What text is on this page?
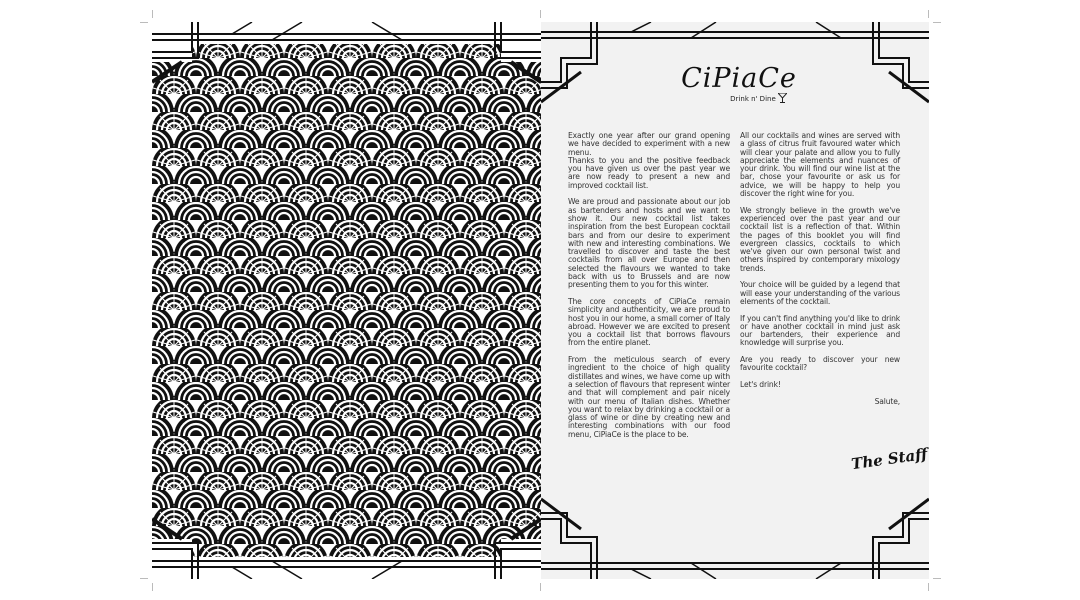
CiPiaCe
Drink n' Dine

Exactly one year after our grand opening we have decided to experiment with a new menu.
Thanks to you and the positive feedback you have given us over the past year we are now ready to present a new and improved cocktail list.

We are proud and passionate about our job as bartenders and hosts and we want to show it. Our new cocktail list takes inspiration from the best European cocktail bars and from our desire to experiment with new and interesting combinations. We travelled to discover and taste the best cocktails from all over Europe and then selected the flavours we wanted to take back with us to Brussels and are now presenting them to you for this winter.

The core concepts of CiPiaCe remain simplicity and authenticity, we are proud to host you in our home, a small corner of Italy abroad. However we are excited to present you a cocktail list that borrows flavours from the entire planet.

From the meticulous search of every ingredient to the choice of high quality distillates and wines, we have come up with a selection of flavours that represent winter and that will complement and pair nicely with our menu of Italian dishes. Whether you want to relax by drinking a cocktail or a glass of wine or dine by creating new and interesting combinations with our food menu, CiPiaCe is the place to be.

All our cocktails and wines are served with a glass of citrus fruit favoured water which will clear your palate and allow you to fully appreciate the elements and nuances of your drink. You will find our wine list at the bar, chose your favourite or ask us for advice, we will be happy to help you discover the right wine for you.

We strongly believe in the growth we've experienced over the past year and our cocktail list is a reflection of that. Within the pages of this booklet you will find evergreen classics, cocktails to which we've given our own personal twist and others inspired by contemporary mixology trends.

Your choice will be guided by a legend that will ease your understanding of the various elements of the cocktail.

If you can't find anything you'd like to drink or have another cocktail in mind just ask our bartenders, their experience and knowledge will surprise you.

Are you ready to discover your new favourite cocktail?

Let's drink!

Salute,

The Staff
